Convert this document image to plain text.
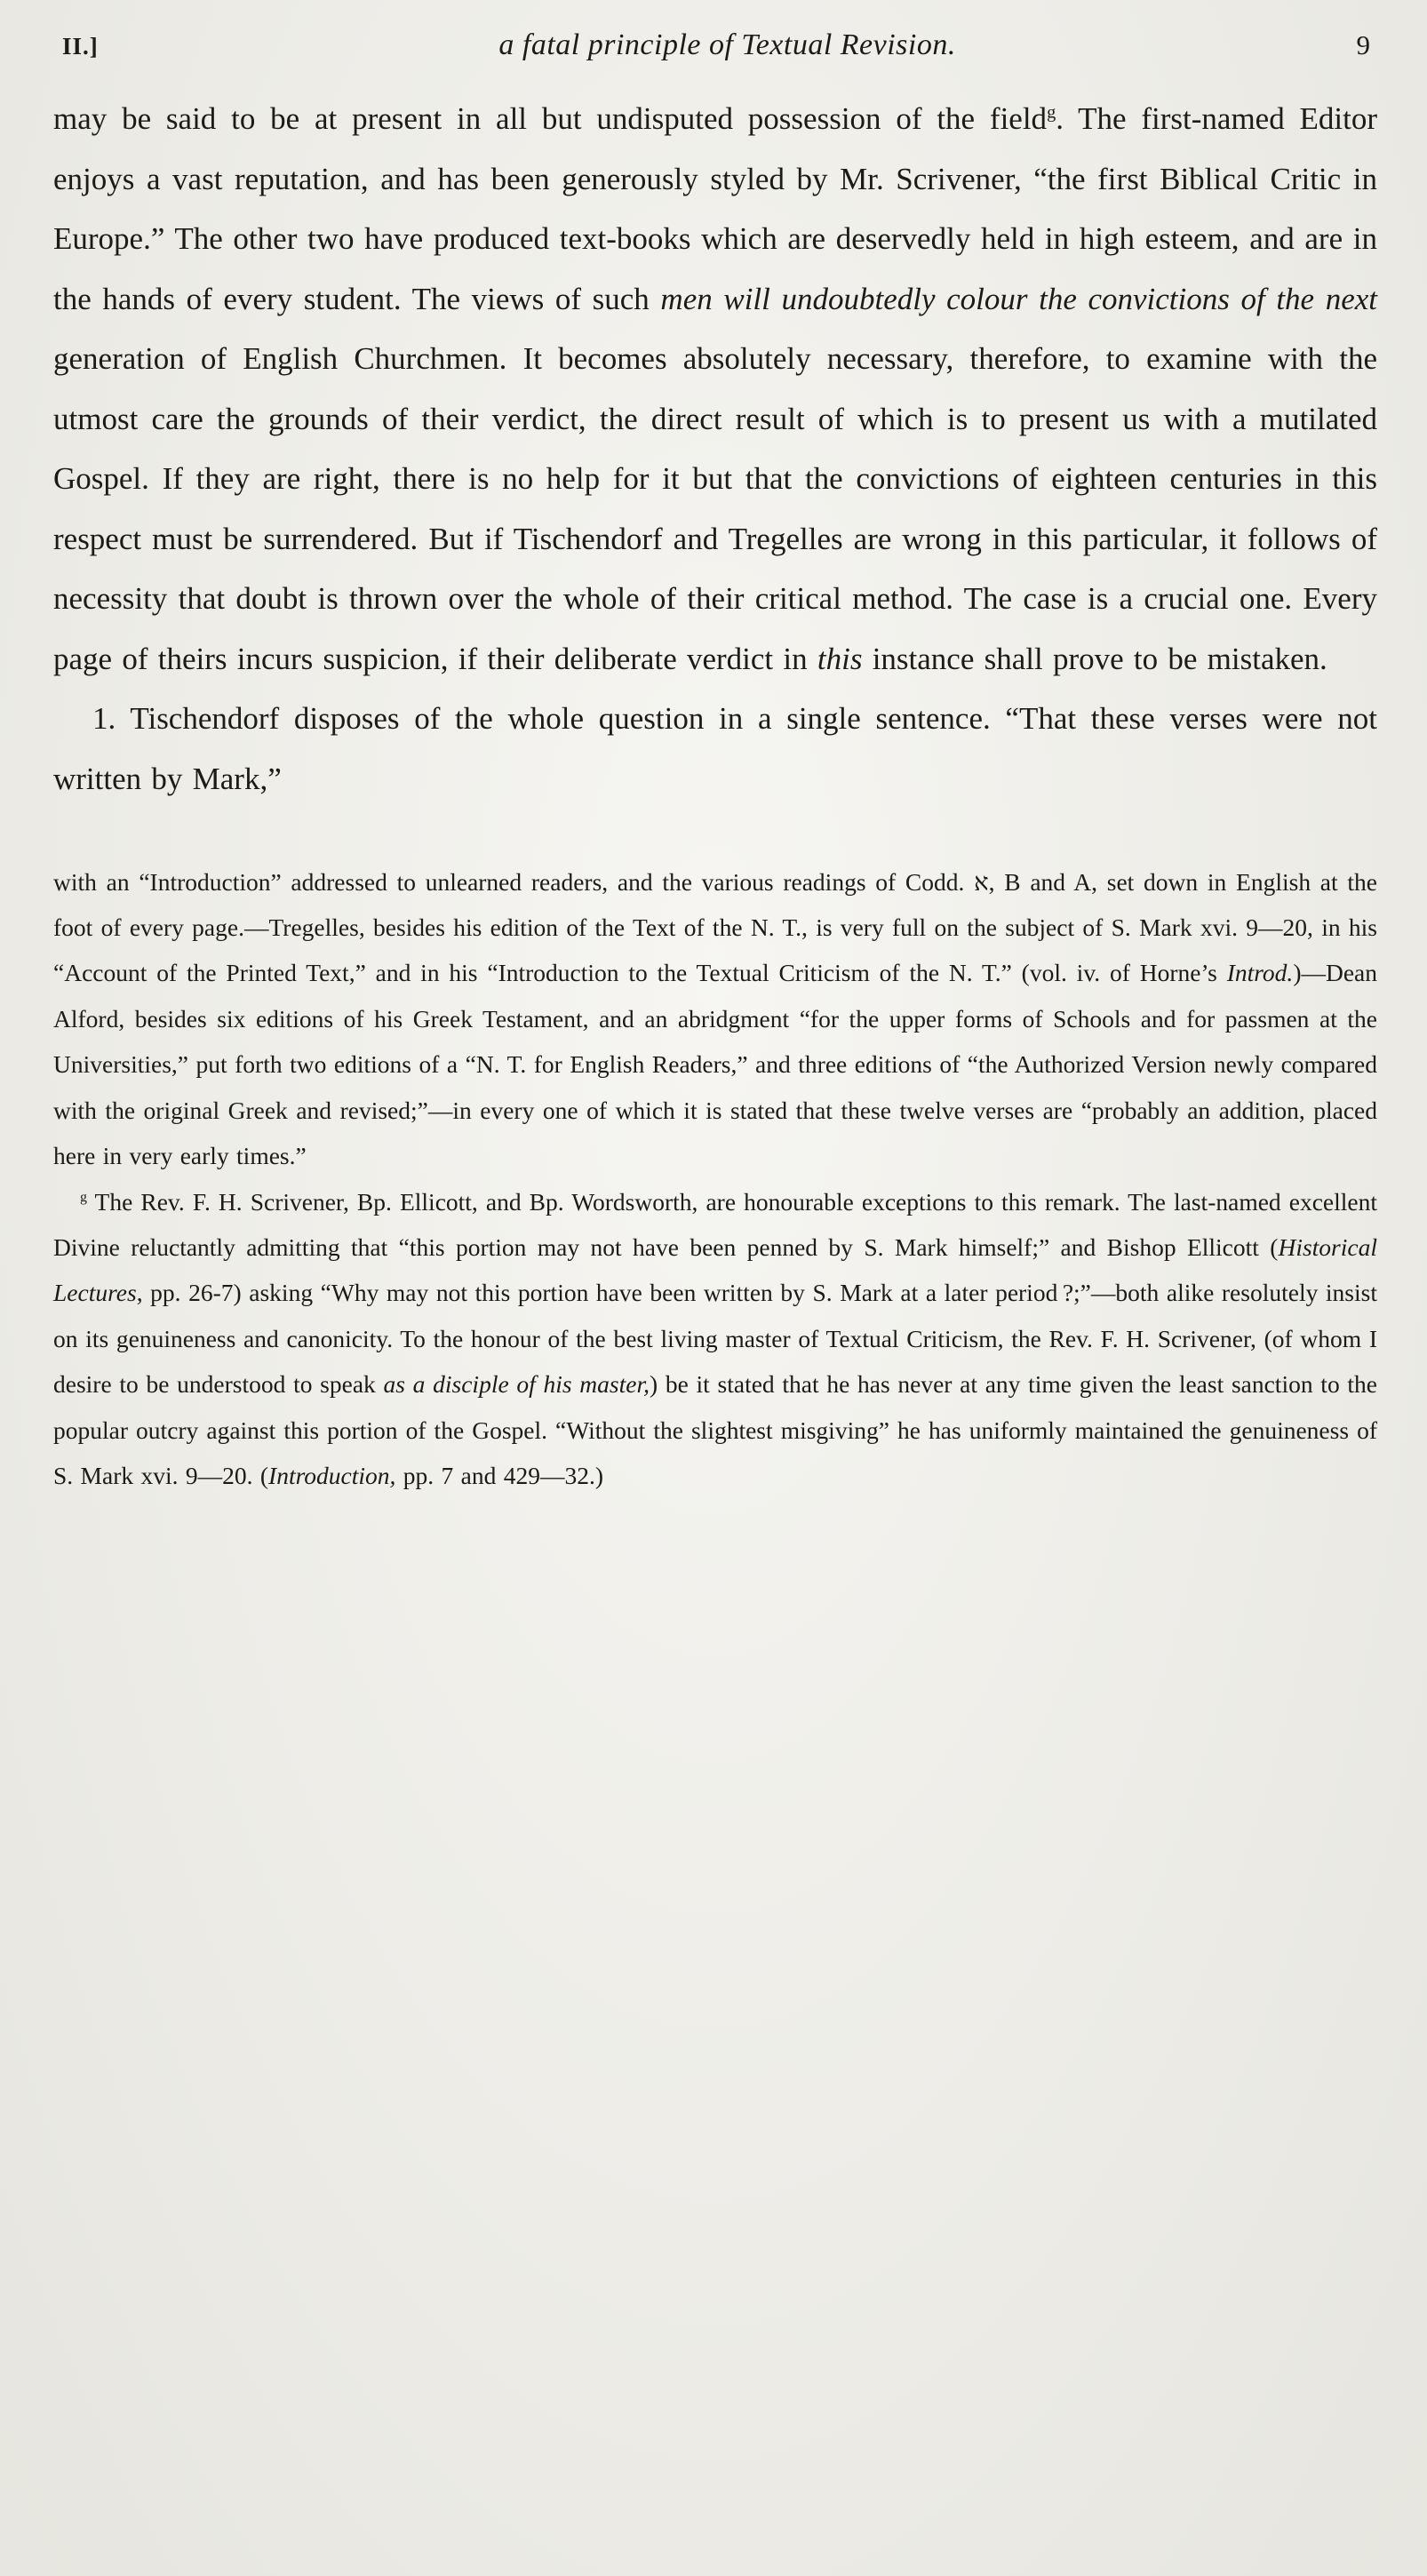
II.]	a fatal principle of Textual Revision.	9

may be said to be at present in all but undisputed possession of the field$^g$. The first-named Editor enjoys a vast reputation, and has been generously styled by Mr. Scrivener, “the first Biblical Critic in Europe.” The other two have produced text-books which are deservedly held in high esteem, and are in the hands of every student. The views of such men will undoubtedly colour the convictions of the next generation of English Churchmen. It becomes absolutely necessary, therefore, to examine with the utmost care the grounds of their verdict, the direct result of which is to present us with a mutilated Gospel. If they are right, there is no help for it but that the convictions of eighteen centuries in this respect must be surrendered. But if Tischendorf and Tregelles are wrong in this particular, it follows of necessity that doubt is thrown over the whole of their critical method. The case is a crucial one. Every page of theirs incurs suspicion, if their deliberate verdict in this instance shall prove to be mistaken.

1. Tischendorf disposes of the whole question in a single sentence. “That these verses were not written by Mark,”

with an “Introduction” addressed to unlearned readers, and the various readings of Codd. א, B and A, set down in English at the foot of every page.—Tregelles, besides his edition of the Text of the N. T., is very full on the subject of S. Mark xvi. 9—20, in his “Account of the Printed Text,” and in his “Introduction to the Textual Criticism of the N. T.” (vol. iv. of Horne’s Introd.)—Dean Alford, besides six editions of his Greek Testament, and an abridgment “for the upper forms of Schools and for passmen at the Universities,” put forth two editions of a “N. T. for English Readers,” and three editions of “the Authorized Version newly compared with the original Greek and revised;”—in every one of which it is stated that these twelve verses are “probably an addition, placed here in very early times.”

$^g$ The Rev. F. H. Scrivener, Bp. Ellicott, and Bp. Wordsworth, are honourable exceptions to this remark. The last-named excellent Divine reluctantly admitting that “this portion may not have been penned by S. Mark himself;” and Bishop Ellicott (Historical Lectures, pp. 26-7) asking “Why may not this portion have been written by S. Mark at a later period ?;”—both alike resolutely insist on its genuineness and canonicity. To the honour of the best living master of Textual Criticism, the Rev. F. H. Scrivener, (of whom I desire to be understood to speak as a disciple of his master,) be it stated that he has never at any time given the least sanction to the popular outcry against this portion of the Gospel. “Without the slightest misgiving” he has uniformly maintained the genuineness of S. Mark xvi. 9—20. (Introduction, pp. 7 and 429—32.)
